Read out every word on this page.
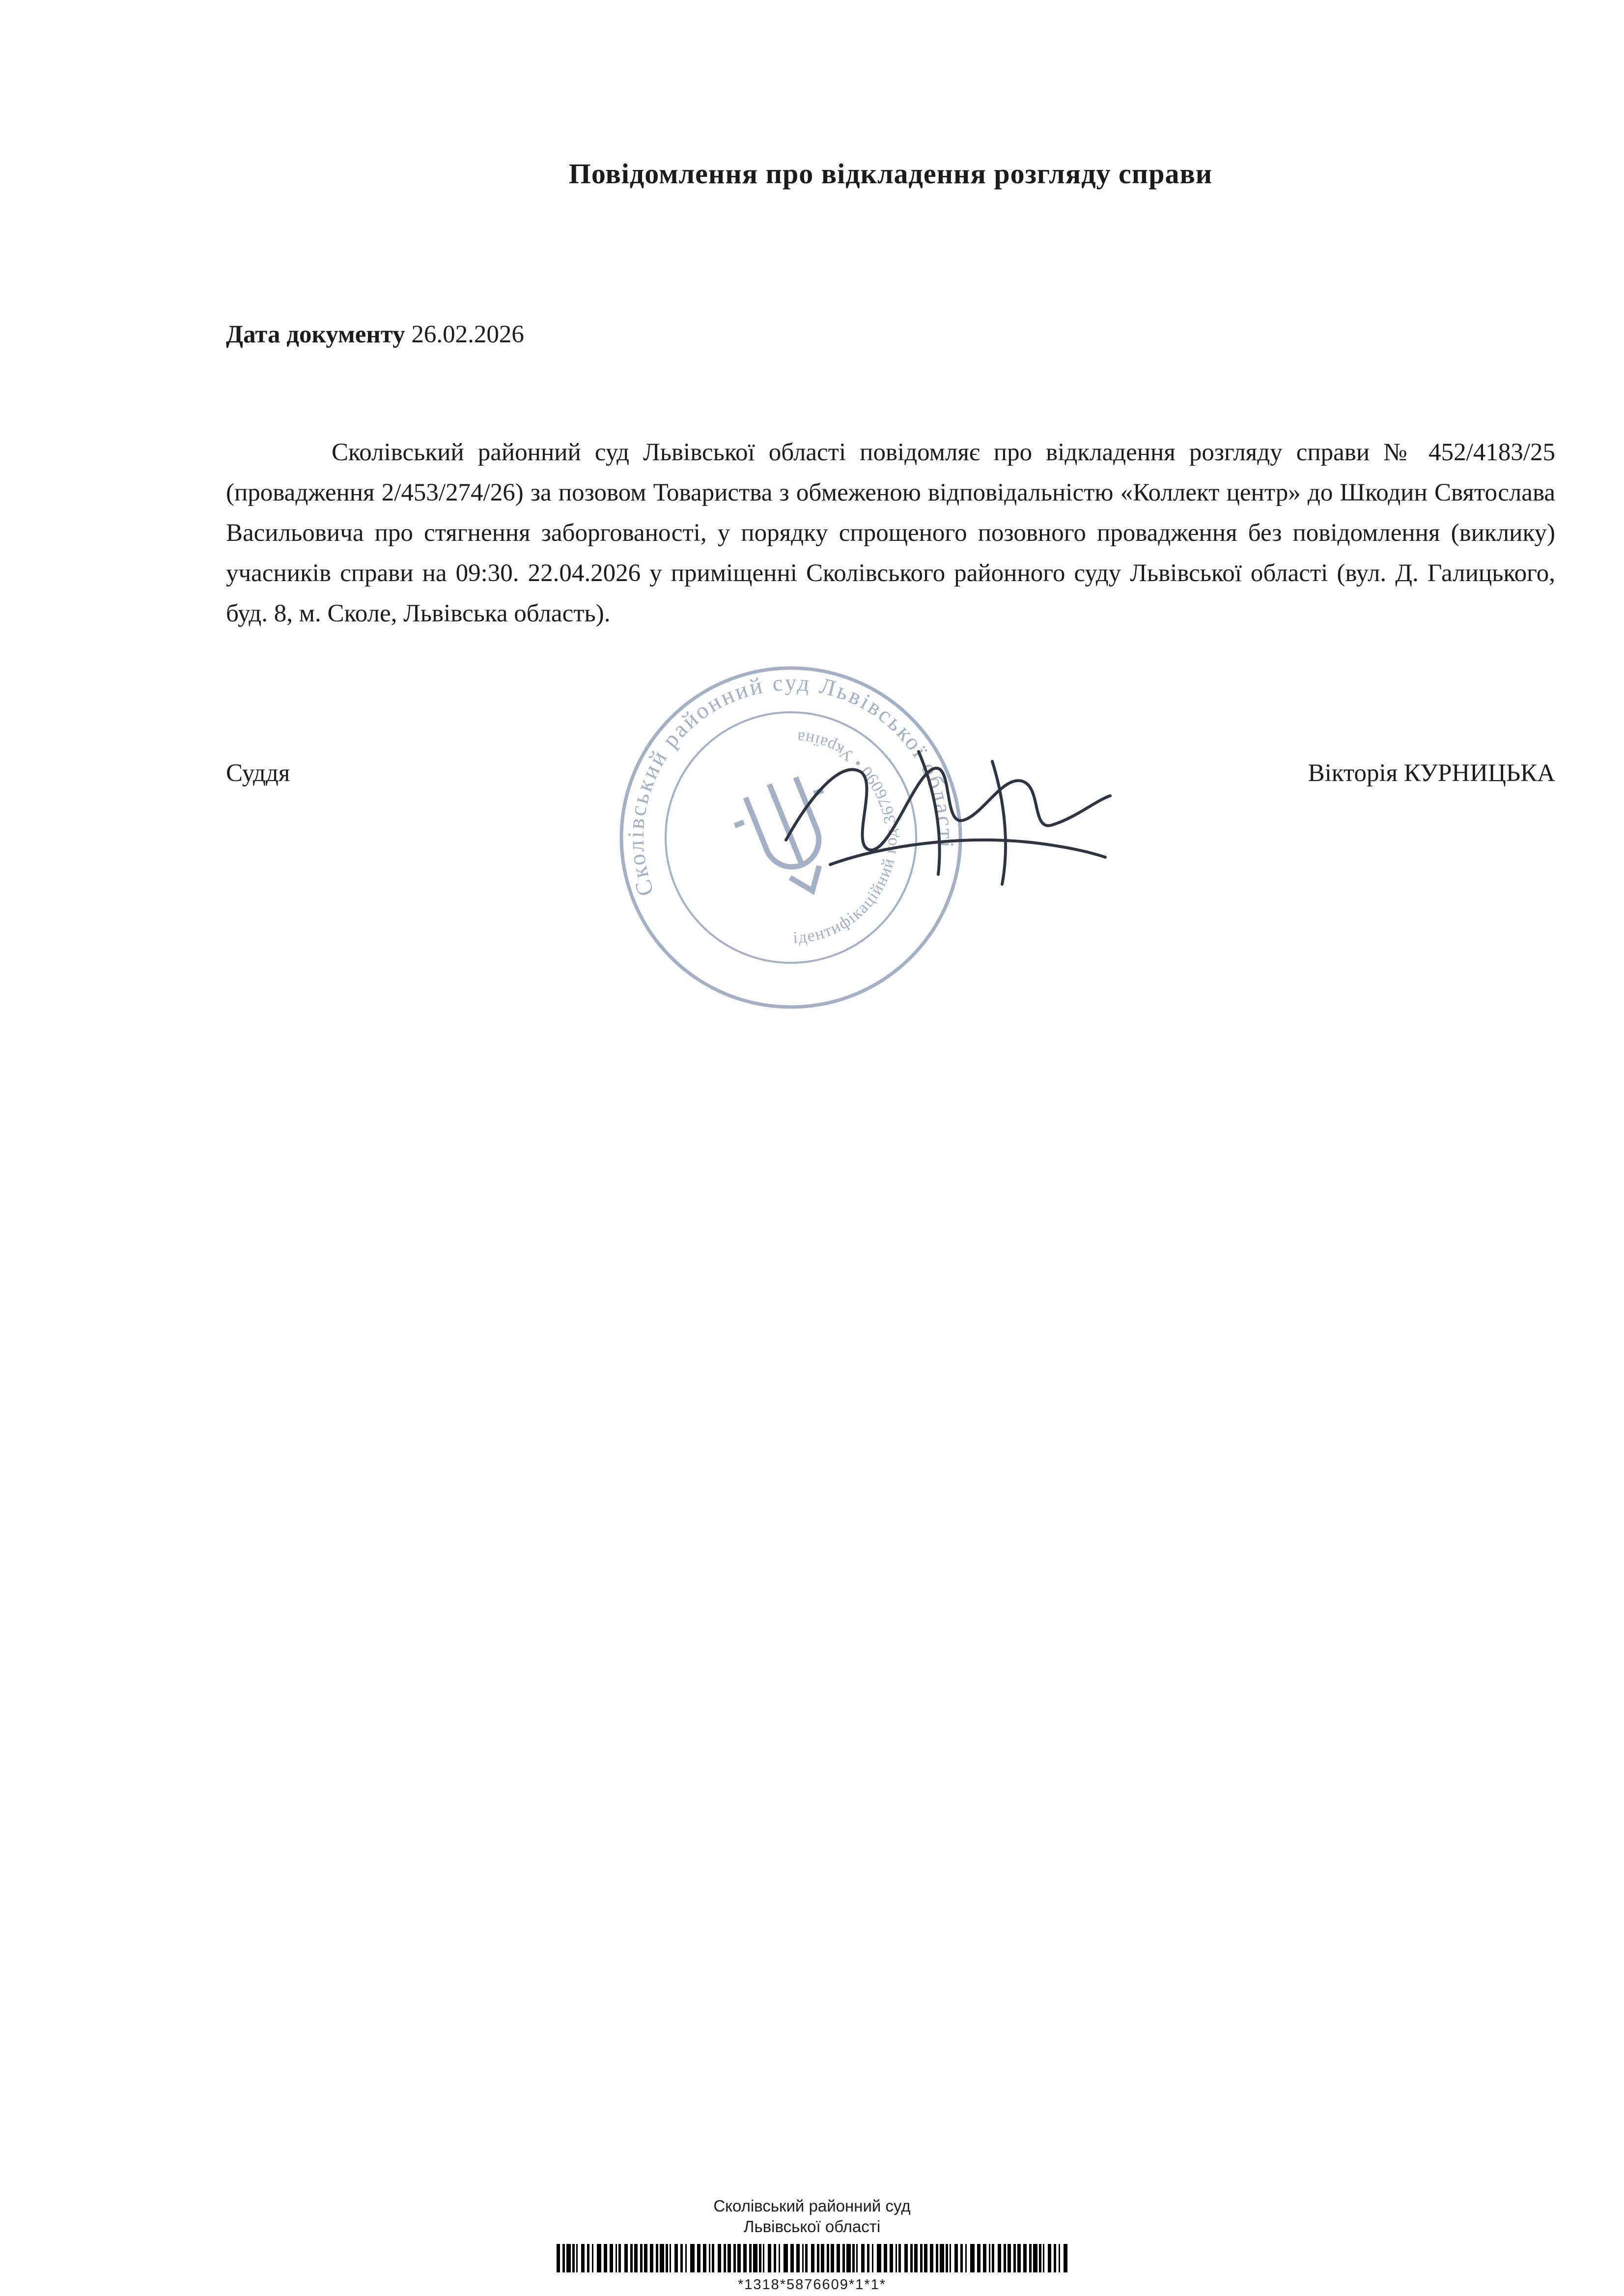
Повідомлення про відкладення розгляду справи
Дата документу 26.02.2026
Сколівський районний суд Львівської області повідомляє про відкладення розгляду справи № 452/4183/25 (провадження 2/453/274/26) за позовом Товариства з обмеженою відповідальністю «Коллект центр» до Шкодин Святослава Васильовича про стягнення заборгованості, у порядку спрощеного позовного провадження без повідомлення (виклику) учасників справи на 09:30. 22.04.2026 у приміщенні Сколівського районного суду Львівської області (вул. Д. Галицького, буд. 8, м. Сколе, Львівська область).
Суддя	Вікторія КУРНИЦЬКА
Сколівський районний суд Львівської області
ідентифікаційний код 3676090 • Україна
Сколівський районний суд
Львівської області
*1318*5876609*1*1*
